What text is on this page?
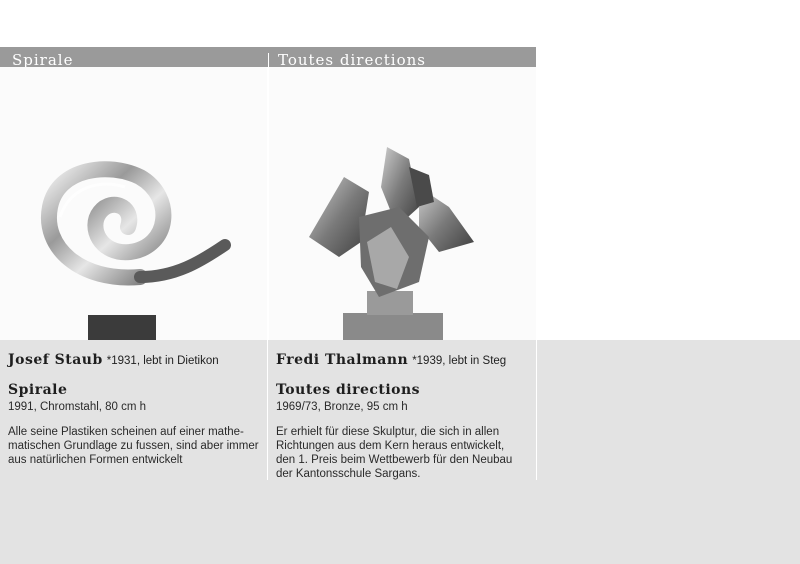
Spirale	Toutes directions
Josef Staub *1931, lebt in Dietikon
Spirale
1991, Chromstahl, 80 cm h
Alle seine Plastiken scheinen auf einer mathe-
matischen Grundlage zu fussen, sind aber immer
aus natürlichen Formen entwickelt
Fredi Thalmann *1939, lebt in Steg
Toutes directions
1969/73, Bronze, 95 cm h
Er erhielt für diese Skulptur, die sich in allen
Richtungen aus dem Kern heraus entwickelt,
den 1. Preis beim Wettbewerb für den Neubau
der Kantonsschule Sargans.
